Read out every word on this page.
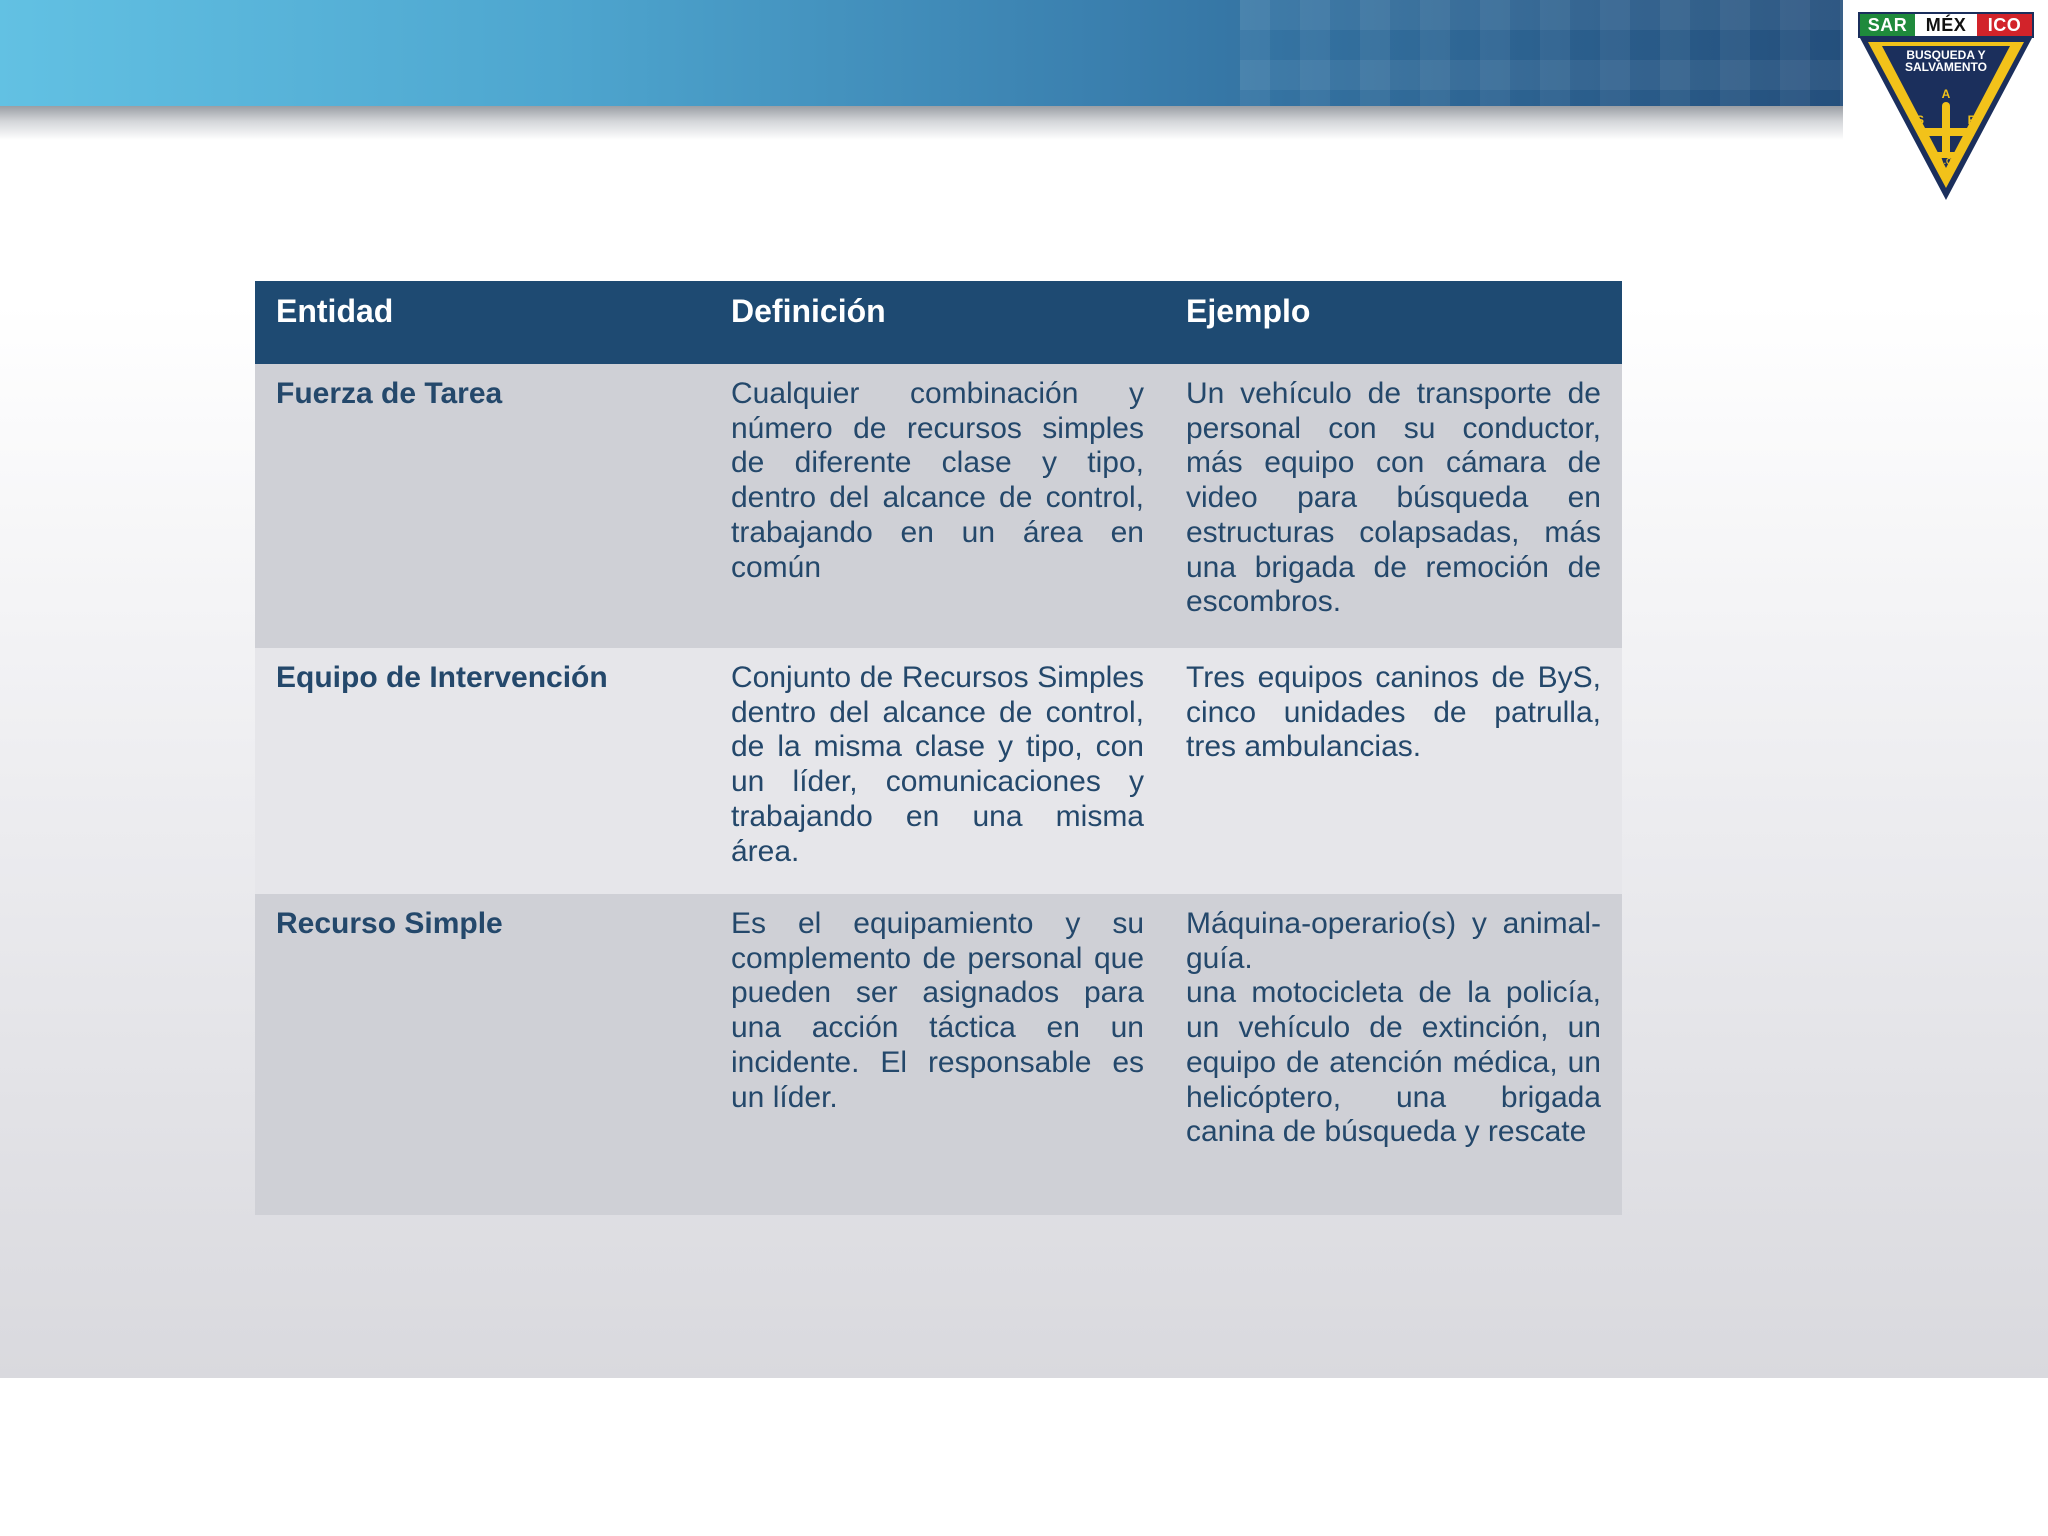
A
S	R
A.C.
SAR	MÉX	ICO
BUSQUEDA Y
SALVAMENTO
Entidad	Definición	Ejemplo
Fuerza de Tarea	Cualquier combinación y número de recursos simples de diferente clase y tipo, dentro del alcance de control, trabajando en un área en común	Un vehículo de transporte de personal con su conductor, más equipo con cámara de video para búsqueda en estructuras colapsadas, más una brigada de remoción de escombros.
Equipo de Intervención	Conjunto de Recursos Simples dentro del alcance de control, de la misma clase y tipo, con un líder, comunicaciones y trabajando en una misma área.	Tres equipos caninos de ByS, cinco unidades de patrulla, tres ambulancias.
Recurso Simple	Es el equipamiento y su complemento de personal que pueden ser asignados para una acción táctica en un incidente. El responsable es un líder.	Máquina-operario(s) y animal-guía.
una motocicleta de la policía, un vehículo de extinción, un equipo de atención médica, un helicóptero, una brigada canina de búsqueda y rescate
